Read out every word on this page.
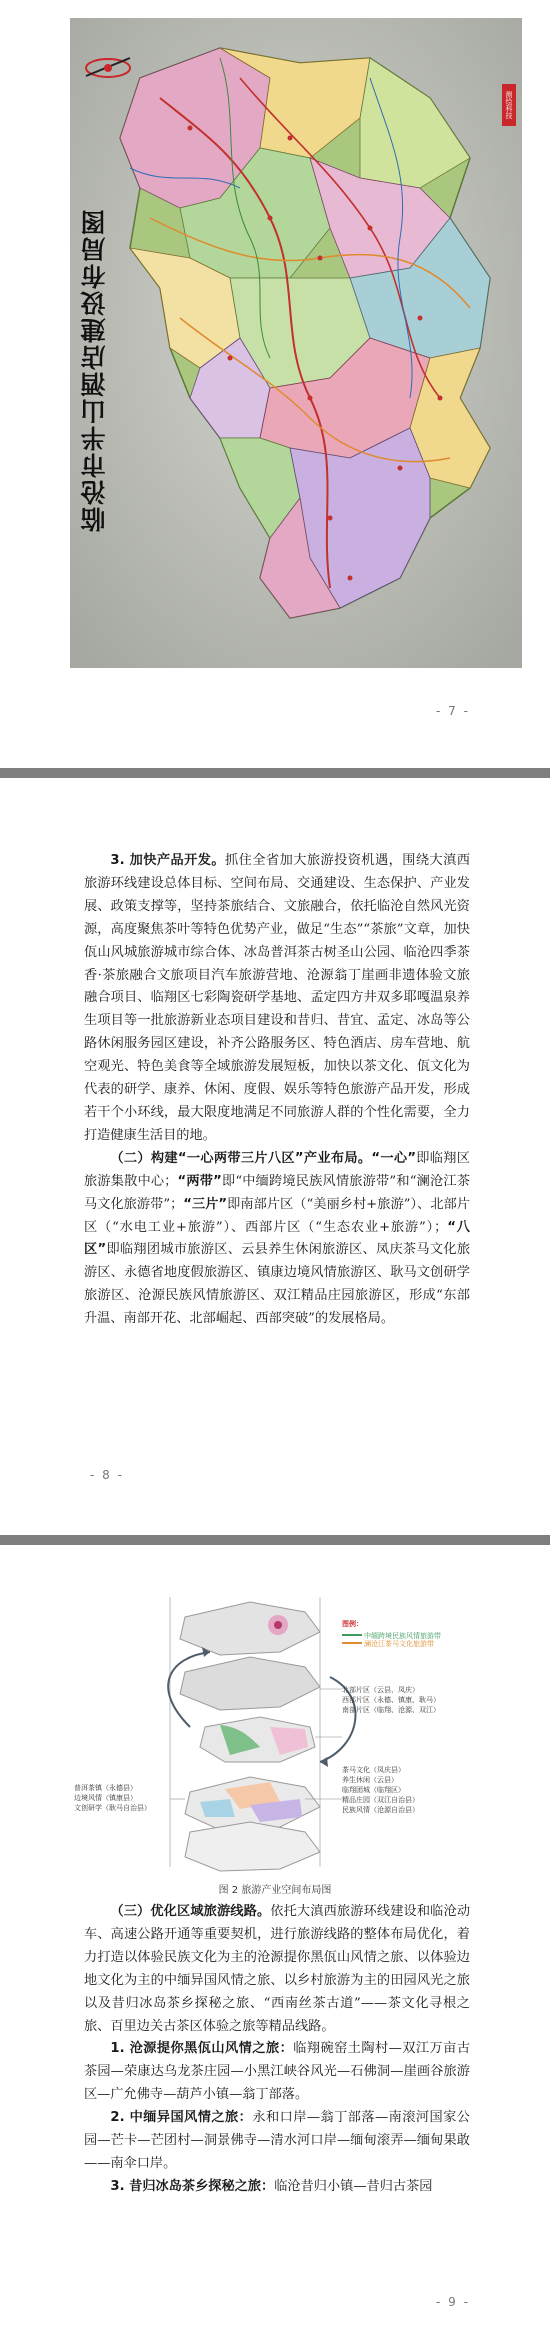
测绘科技
临沧市半山酒店建设布局图
- 7 -

3. 加快产品开发。抓住全省加大旅游投资机遇，围绕大滇西旅游环线建设总体目标、空间布局、交通建设、生态保护、产业发展、政策支撑等，坚持茶旅结合、文旅融合，依托临沧自然风光资源，高度聚焦茶叶等特色优势产业，做足“生态”“茶旅”文章，加快佤山风城旅游城市综合体、冰岛普洱茶古树圣山公园、临沧四季茶香·茶旅融合文旅项目汽车旅游营地、沧源翁丁崖画非遗体验文旅融合项目、临翔区七彩陶瓷研学基地、孟定四方井双多耶嘎温泉养生项目等一批旅游新业态项目建设和昔归、昔宜、孟定、冰岛等公路休闲服务园区建设，补齐公路服务区、特色酒店、房车营地、航空观光、特色美食等全域旅游发展短板，加快以茶文化、佤文化为代表的研学、康养、休闲、度假、娱乐等特色旅游产品开发，形成若干个小环线，最大限度地满足不同旅游人群的个性化需要，全力打造健康生活目的地。

（二）构建“一心两带三片八区”产业布局。“一心”即临翔区旅游集散中心；“两带”即“中缅跨境民族风情旅游带”和“澜沧江茶马文化旅游带”；“三片”即南部片区（“美丽乡村+旅游”）、北部片区（“水电工业+旅游”）、西部片区（“生态农业+旅游”）；“八区”即临翔团城市旅游区、云县养生休闲旅游区、凤庆茶马文化旅游区、永德省地度假旅游区、镇康边境风情旅游区、耿马文创研学旅游区、沧源民族风情旅游区、双江精品庄园旅游区，形成“东部升温、南部开花、北部崛起、西部突破”的发展格局。

- 8 -
图例：
中缅跨境民族风情旅游带
澜沧江茶马文化旅游带
北部片区（云县、凤庆）
西部片区（永德、镇康、耿马）
南部片区（临翔、沧源、双江）
茶马文化（凤庆县）
养生休闲（云县）
临翔团城（临翔区）
精品庄园（双江自治县）
民族风情（沧源自治县）
普洱茶镇（永德县）
边境风情（镇康县）
文创研学（耿马自治县）
图 2 旅游产业空间布局图

（三）优化区域旅游线路。依托大滇西旅游环线建设和临沧动车、高速公路开通等重要契机，进行旅游线路的整体布局优化，着力打造以体验民族文化为主的沧源提你黑佤山风情之旅、以体验边地文化为主的中缅异国风情之旅、以乡村旅游为主的田园风光之旅以及昔归冰岛茶乡探秘之旅、“西南丝茶古道”——茶文化寻根之旅、百里边关古茶区体验之旅等精品线路。

1. 沧源提你黑佤山风情之旅：临翔碗窑土陶村—双江万亩古茶园—荣康达乌龙茶庄园—小黑江峡谷风光—石佛洞—崖画谷旅游区—广允佛寺—葫芦小镇—翁丁部落。

2. 中缅异国风情之旅：永和口岸—翁丁部落—南滚河国家公园—芒卡—芒团村—洞景佛寺—清水河口岸—缅甸滚弄—缅甸果敢——南伞口岸。

3. 昔归冰岛茶乡探秘之旅：临沧昔归小镇—昔归古茶园

- 9 -
